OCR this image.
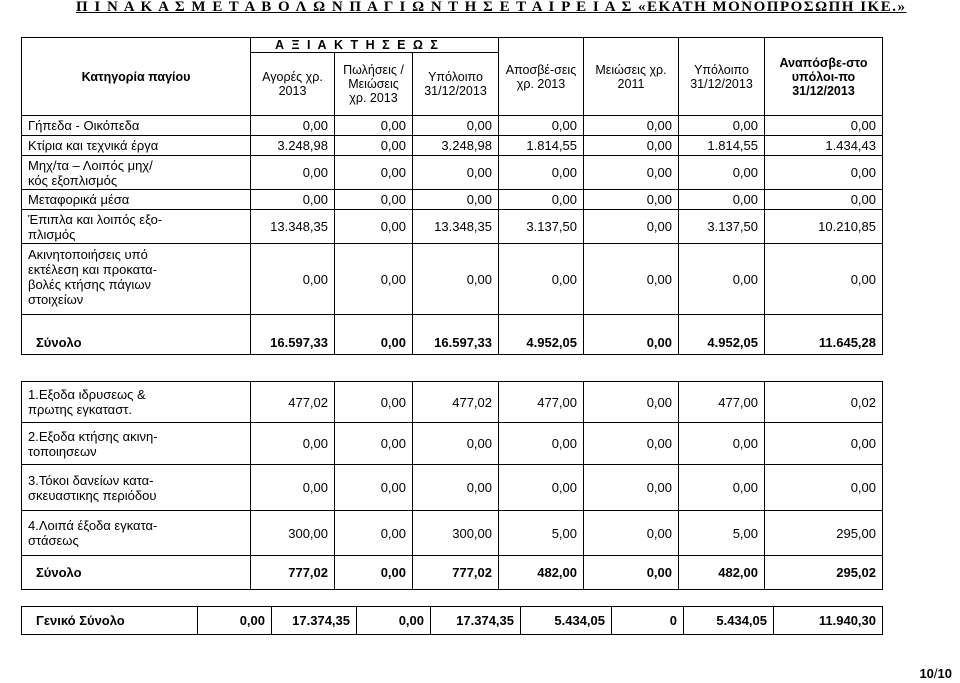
Π Ι Ν Α Κ Α Σ Μ Ε Τ Α Β Ο Λ Ω Ν Π Α Γ Ι Ω Ν Τ Η Σ Ε Τ Α Ι Ρ Ε Ι Α Σ «ΕΚΑΤΗ ΜΟΝΟΠΡΟΣΩΠΗ ΙΚΕ.»
Κατηγορία παγίου	Α Ξ Ι Α Κ Τ Η Σ Ε Ω Σ			Αποσβέ-σεις χρ. 2013	Μειώσεις χρ. 2011	Υπόλοιπο 31/12/2013	Αναπόσβε-στο υπόλοι-πο 31/12/2013
	Αγορές χρ. 2013	Πωλήσεις / Μειώσεις χρ. 2013	Υπόλοιπο 31/12/2013				
Γήπεδα - Οικόπεδα	0,00	0,00	0,00	0,00	0,00	0,00	0,00
Κτίρια και τεχνικά έργα	3.248,98	0,00	3.248,98	1.814,55	0,00	1.814,55	1.434,43
Μηχ/τα – Λοιπός μηχ/κός εξοπλισμός	0,00	0,00	0,00	0,00	0,00	0,00	0,00
Μεταφορικά μέσα	0,00	0,00	0,00	0,00	0,00	0,00	0,00
Έπιπλα και λοιπός εξο-πλισμός	13.348,35	0,00	13.348,35	3.137,50	0,00	3.137,50	10.210,85
Ακινητοποιήσεις υπό εκτέλεση και προκατα-βολές κτήσης πάγιων στοιχείων	0,00	0,00	0,00	0,00	0,00	0,00	0,00
Σύνολο	16.597,33	0,00	16.597,33	4.952,05	0,00	4.952,05	11.645,28
1.Εξοδα ιδρυσεως & πρωτης εγκαταστ.	477,02	0,00	477,02	477,00	0,00	477,00	0,02
2.Εξοδα κτήσης ακινη-τοποιησεων	0,00	0,00	0,00	0,00	0,00	0,00	0,00
3.Τόκοι δανείων κατα-σκευαστικης περιόδου	0,00	0,00	0,00	0,00	0,00	0,00	0,00
4.Λοιπά έξοδα εγκατα-στάσεως	300,00	0,00	300,00	5,00	0,00	5,00	295,00
Σύνολο	777,02	0,00	777,02	482,00	0,00	482,00	295,02
Γενικό Σύνολο	0,00	17.374,35	0,00	17.374,35	5.434,05	0	5.434,05	11.940,30
10/10
